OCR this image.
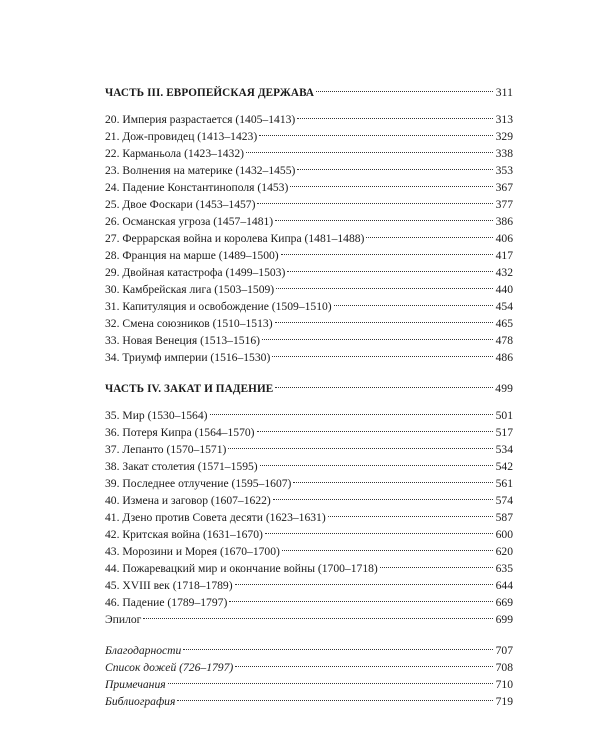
ЧАСТЬ III. ЕВРОПЕЙСКАЯ ДЕРЖАВА	311
20. Империя разрастается (1405–1413)	313
21. Дож-провидец (1413–1423)	329
22. Карманьола (1423–1432)	338
23. Волнения на материке (1432–1455)	353
24. Падение Константинополя (1453)	367
25. Двое Фоскари (1453–1457)	377
26. Османская угроза (1457–1481)	386
27. Феррарская война и королева Кипра (1481–1488)	406
28. Франция на марше (1489–1500)	417
29. Двойная катастрофа (1499–1503)	432
30. Камбрейская лига (1503–1509)	440
31. Капитуляция и освобождение (1509–1510)	454
32. Смена союзников (1510–1513)	465
33. Новая Венеция (1513–1516)	478
34. Триумф империи (1516–1530)	486
ЧАСТЬ IV. ЗАКАТ И ПАДЕНИЕ	499
35. Мир (1530–1564)	501
36. Потеря Кипра (1564–1570)	517
37. Лепанто (1570–1571)	534
38. Закат столетия (1571–1595)	542
39. Последнее отлучение (1595–1607)	561
40. Измена и заговор (1607–1622)	574
41. Дзено против Совета десяти (1623–1631)	587
42. Критская война (1631–1670)	600
43. Морозини и Морея (1670–1700)	620
44. Пожаревацкий мир и окончание войны (1700–1718)	635
45. XVIII век (1718–1789)	644
46. Падение (1789–1797)	669
Эпилог	699
Благодарности	707
Список дожей (726–1797)	708
Примечания	710
Библиография	719
